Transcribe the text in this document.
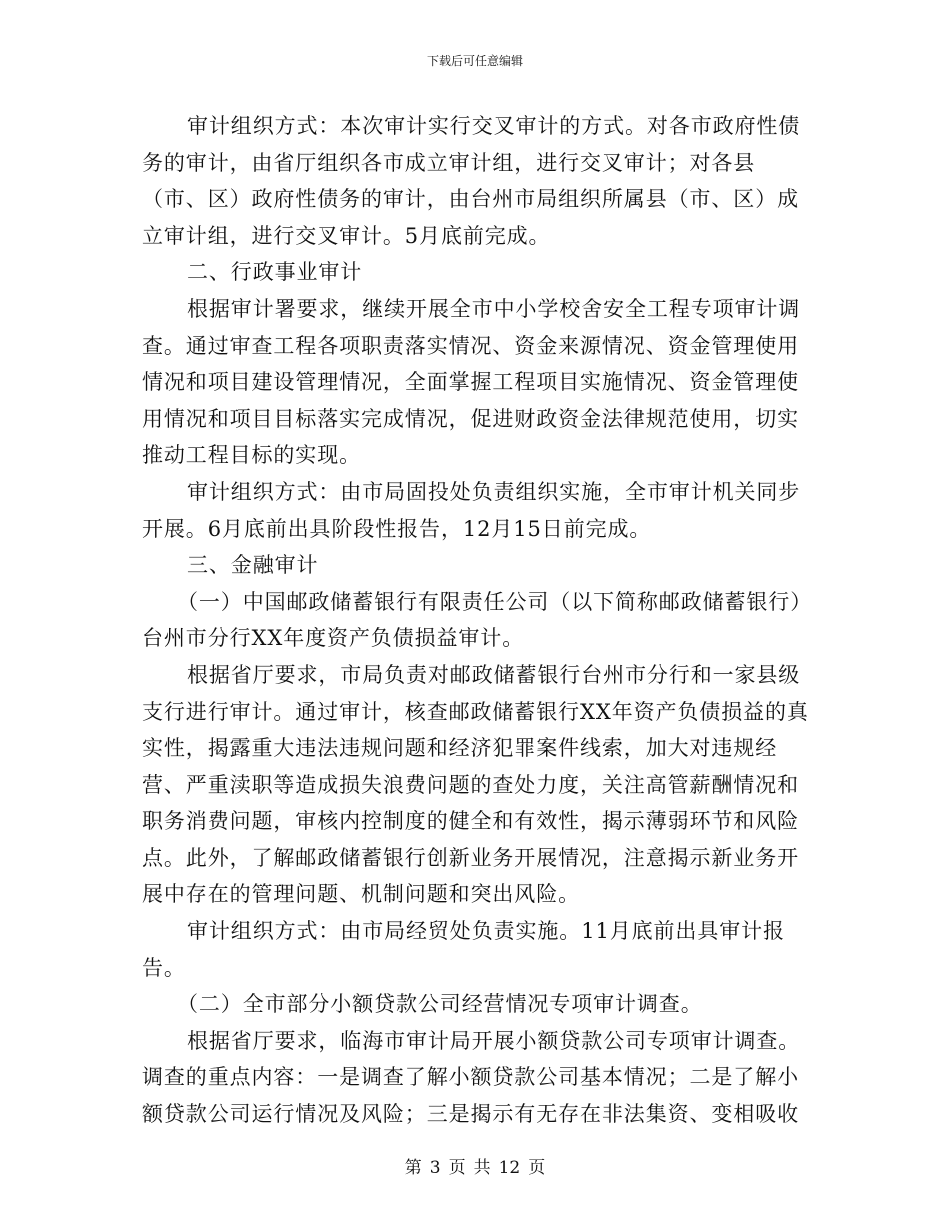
下载后可任意编辑

审计组织方式：本次审计实行交叉审计的方式。对各市政府性债务的审计，由省厅组织各市成立审计组，进行交叉审计；对各县（市、区）政府性债务的审计，由台州市局组织所属县（市、区）成立审计组，进行交叉审计。5月底前完成。

二、行政事业审计

根据审计署要求，继续开展全市中小学校舍安全工程专项审计调查。通过审查工程各项职责落实情况、资金来源情况、资金管理使用情况和项目建设管理情况，全面掌握工程项目实施情况、资金管理使用情况和项目目标落实完成情况，促进财政资金法律规范使用，切实推动工程目标的实现。

审计组织方式：由市局固投处负责组织实施，全市审计机关同步开展。6月底前出具阶段性报告，12月15日前完成。

三、金融审计

（一）中国邮政储蓄银行有限责任公司（以下简称邮政储蓄银行）台州市分行XX年度资产负债损益审计。

根据省厅要求，市局负责对邮政储蓄银行台州市分行和一家县级支行进行审计。通过审计，核查邮政储蓄银行XX年资产负债损益的真实性，揭露重大违法违规问题和经济犯罪案件线索，加大对违规经营、严重渎职等造成损失浪费问题的查处力度，关注高管薪酬情况和职务消费问题，审核内控制度的健全和有效性，揭示薄弱环节和风险点。此外，了解邮政储蓄银行创新业务开展情况，注意揭示新业务开展中存在的管理问题、机制问题和突出风险。

审计组织方式：由市局经贸处负责实施。11月底前出具审计报告。

（二）全市部分小额贷款公司经营情况专项审计调查。

根据省厅要求，临海市审计局开展小额贷款公司专项审计调查。调查的重点内容：一是调查了解小额贷款公司基本情况；二是了解小额贷款公司运行情况及风险；三是揭示有无存在非法集资、变相吸收

第 3 页 共 12 页
